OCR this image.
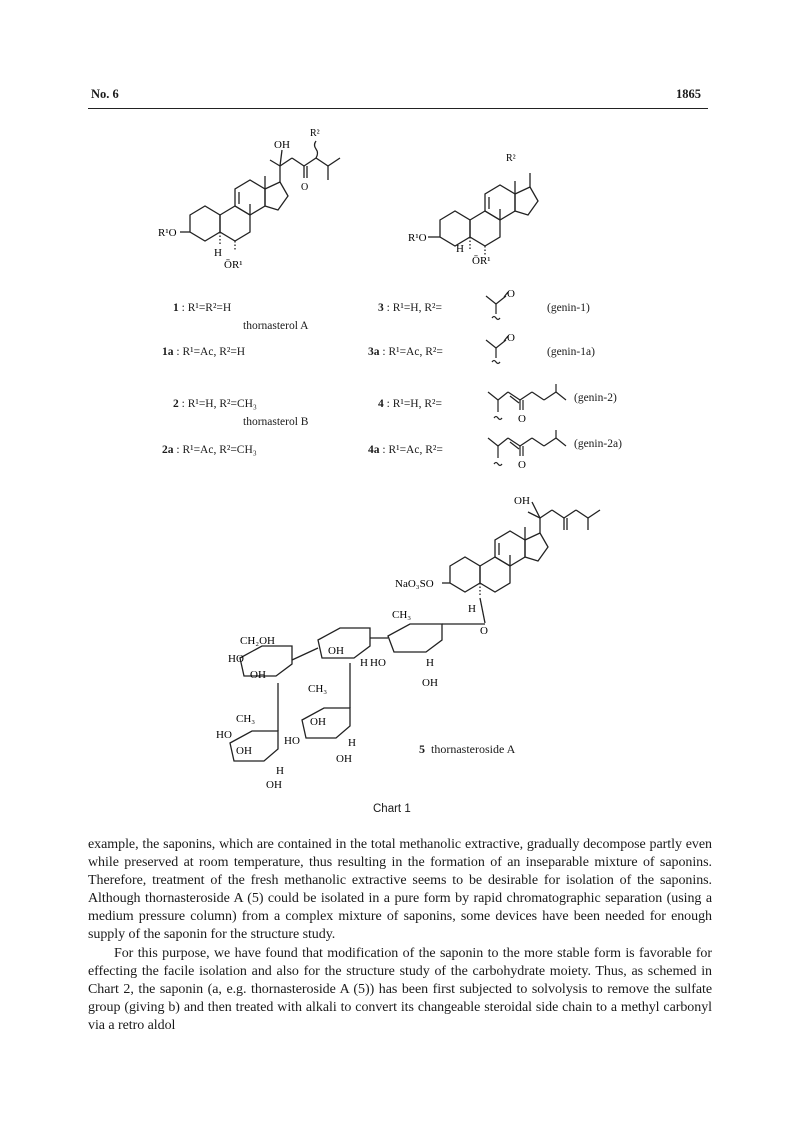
No. 6	1865
OH
R²
O
R¹O
H
ŌR¹
R²
R¹O
H
ŌR¹
1 : R¹=R²=H
thornasterol A
1a : R¹=Ac, R²=H
2 : R¹=H, R²=CH₃
thornasterol B
2a : R¹=Ac, R²=CH₃
3 : R¹=H, R²=	(genin-1)
3a : R¹=Ac, R²=	(genin-1a)
4 : R¹=H, R²=	(genin-2)
4a : R¹=Ac, R²=	(genin-2a)
O
O
O
O
OH
NaO₃SO
CH₃	H
O
CH₂OH
HO
OH
OH
H HO	H
OH
CH₃
CH₃
HO
OH
HO
OH
H
OH
OH
H
5 thornasteroside A
Chart 1

example, the saponins, which are contained in the total methanolic extractive, gradually decompose partly even while preserved at room temperature, thus resulting in the formation of an inseparable mixture of saponins. Therefore, treatment of the fresh methanolic extractive seems to be desirable for isolation of the saponins. Although thornasteroside A (5) could be isolated in a pure form by rapid chromatographic separation (using a medium pressure column) from a complex mixture of saponins, some devices have been needed for enough supply of the saponin for the structure study.

For this purpose, we have found that modification of the saponin to the more stable form is favorable for effecting the facile isolation and also for the structure study of the carbohydrate moiety. Thus, as schemed in Chart 2, the saponin (a, e.g. thornasteroside A (5)) has been first subjected to solvolysis to remove the sulfate group (giving b) and then treated with alkali to convert its changeable steroidal side chain to a methyl carbonyl via a retro aldol
